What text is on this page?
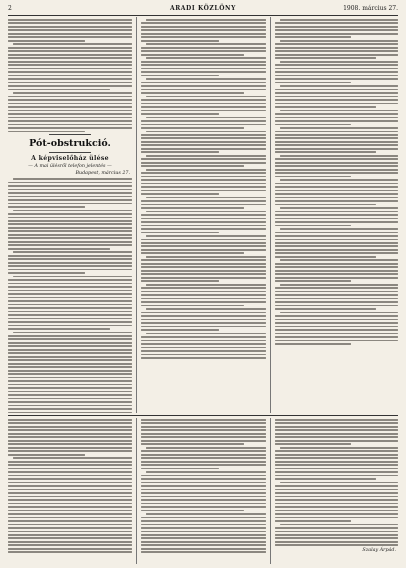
2	ARADI KÖZLÖNY	1908. március 27.
Pót-obstrukció.
A képviselőház ülése
— A mai ülésről telefon jelentés —
Budapest, március 27.
Szalay Árpád.
